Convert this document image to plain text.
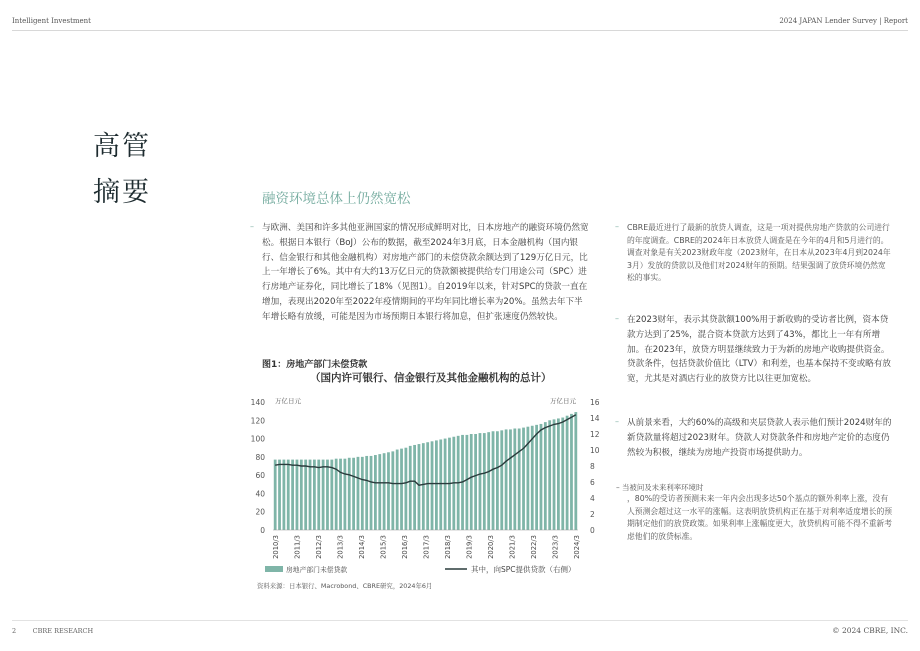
Intelligent Investment	2024 JAPAN Lender Survey | Report
高管
摘要	融资环境总体上仍然宽松
– 与欧洲、美国和许多其他亚洲国家的情况形成鲜明对比，日本房地产的融资环境仍然宽松。根据日本银行（BoJ）公布的数据，截至2024年3月底，日本金融机构（国内银行、信金银行和其他金融机构）对房地产部门的未偿贷款余额达到了129万亿日元，比上一年增长了6%。其中有大约13万亿日元的贷款额被提供给专门用途公司（SPC）进行房地产证券化，同比增长了18%（见图1）。自2019年以来，针对SPC的贷款一直在增加，表现出2020年至2022年疫情期间的平均年同比增长率为20%。虽然去年下半年增长略有放缓，可能是因为市场预期日本银行将加息，但扩张速度仍然较快。
– CBRE最近进行了最新的放贷人调查，这是一项对提供房地产贷款的公司进行的年度调查。CBRE的2024年日本放贷人调查是在今年的4月和5月进行的。调查对象是有关2023财政年度（2023财年，在日本从2023年4月到2024年3月）发放的贷款以及他们对2024财年的预期。结果强调了放贷环境仍然宽松的事实。
– 在2023财年，表示其贷款额100%用于新收购的受访者比例，资本贷款方达到了25%，混合资本贷款方达到了43%，都比上一年有所增加。在2023年，放贷方明显继续致力于为新的房地产收购提供资金。贷款条件，包括贷款价值比（LTV）和利差，也基本保持不变或略有放宽，尤其是对酒店行业的放贷方比以往更加宽松。
– 从前景来看，大约60%的高级和夹层贷款人表示他们预计2024财年的新贷款量将超过2023财年。贷款人对贷款条件和房地产定价的态度仍然较为积极，继续为房地产投资市场提供助力。
– 当被问及未来利率环境时
，80%的受访者预测未来一年内会出现多达50个基点的额外利率上涨，没有人预测会超过这一水平的涨幅。这表明放贷机构正在基于对利率适度增长的预期制定他们的放贷政策。如果利率上涨幅度更大，放贷机构可能不得不重新考虑他们的放贷标准。
图1：房地产部门未偿贷款
（国内许可银行、信金银行及其他金融机构的总计）
0
20
40
60
80
100
120
140
0
2
4
6
8
10
12
14
16
万亿日元	万亿日元
2010/3 2011/3 2012/3 2013/3 2014/3 2015/3 2016/3 2017/3 2018/3 2019/3 2020/3 2021/3 2022/3 2023/3 2024/3
房地产部门未偿贷款	其中，向SPC提供贷款（右侧）
资料来源：日本银行、Macrobond、CBRE研究，2024年6月
2        CBRE RESEARCH	© 2024 CBRE, INC.
